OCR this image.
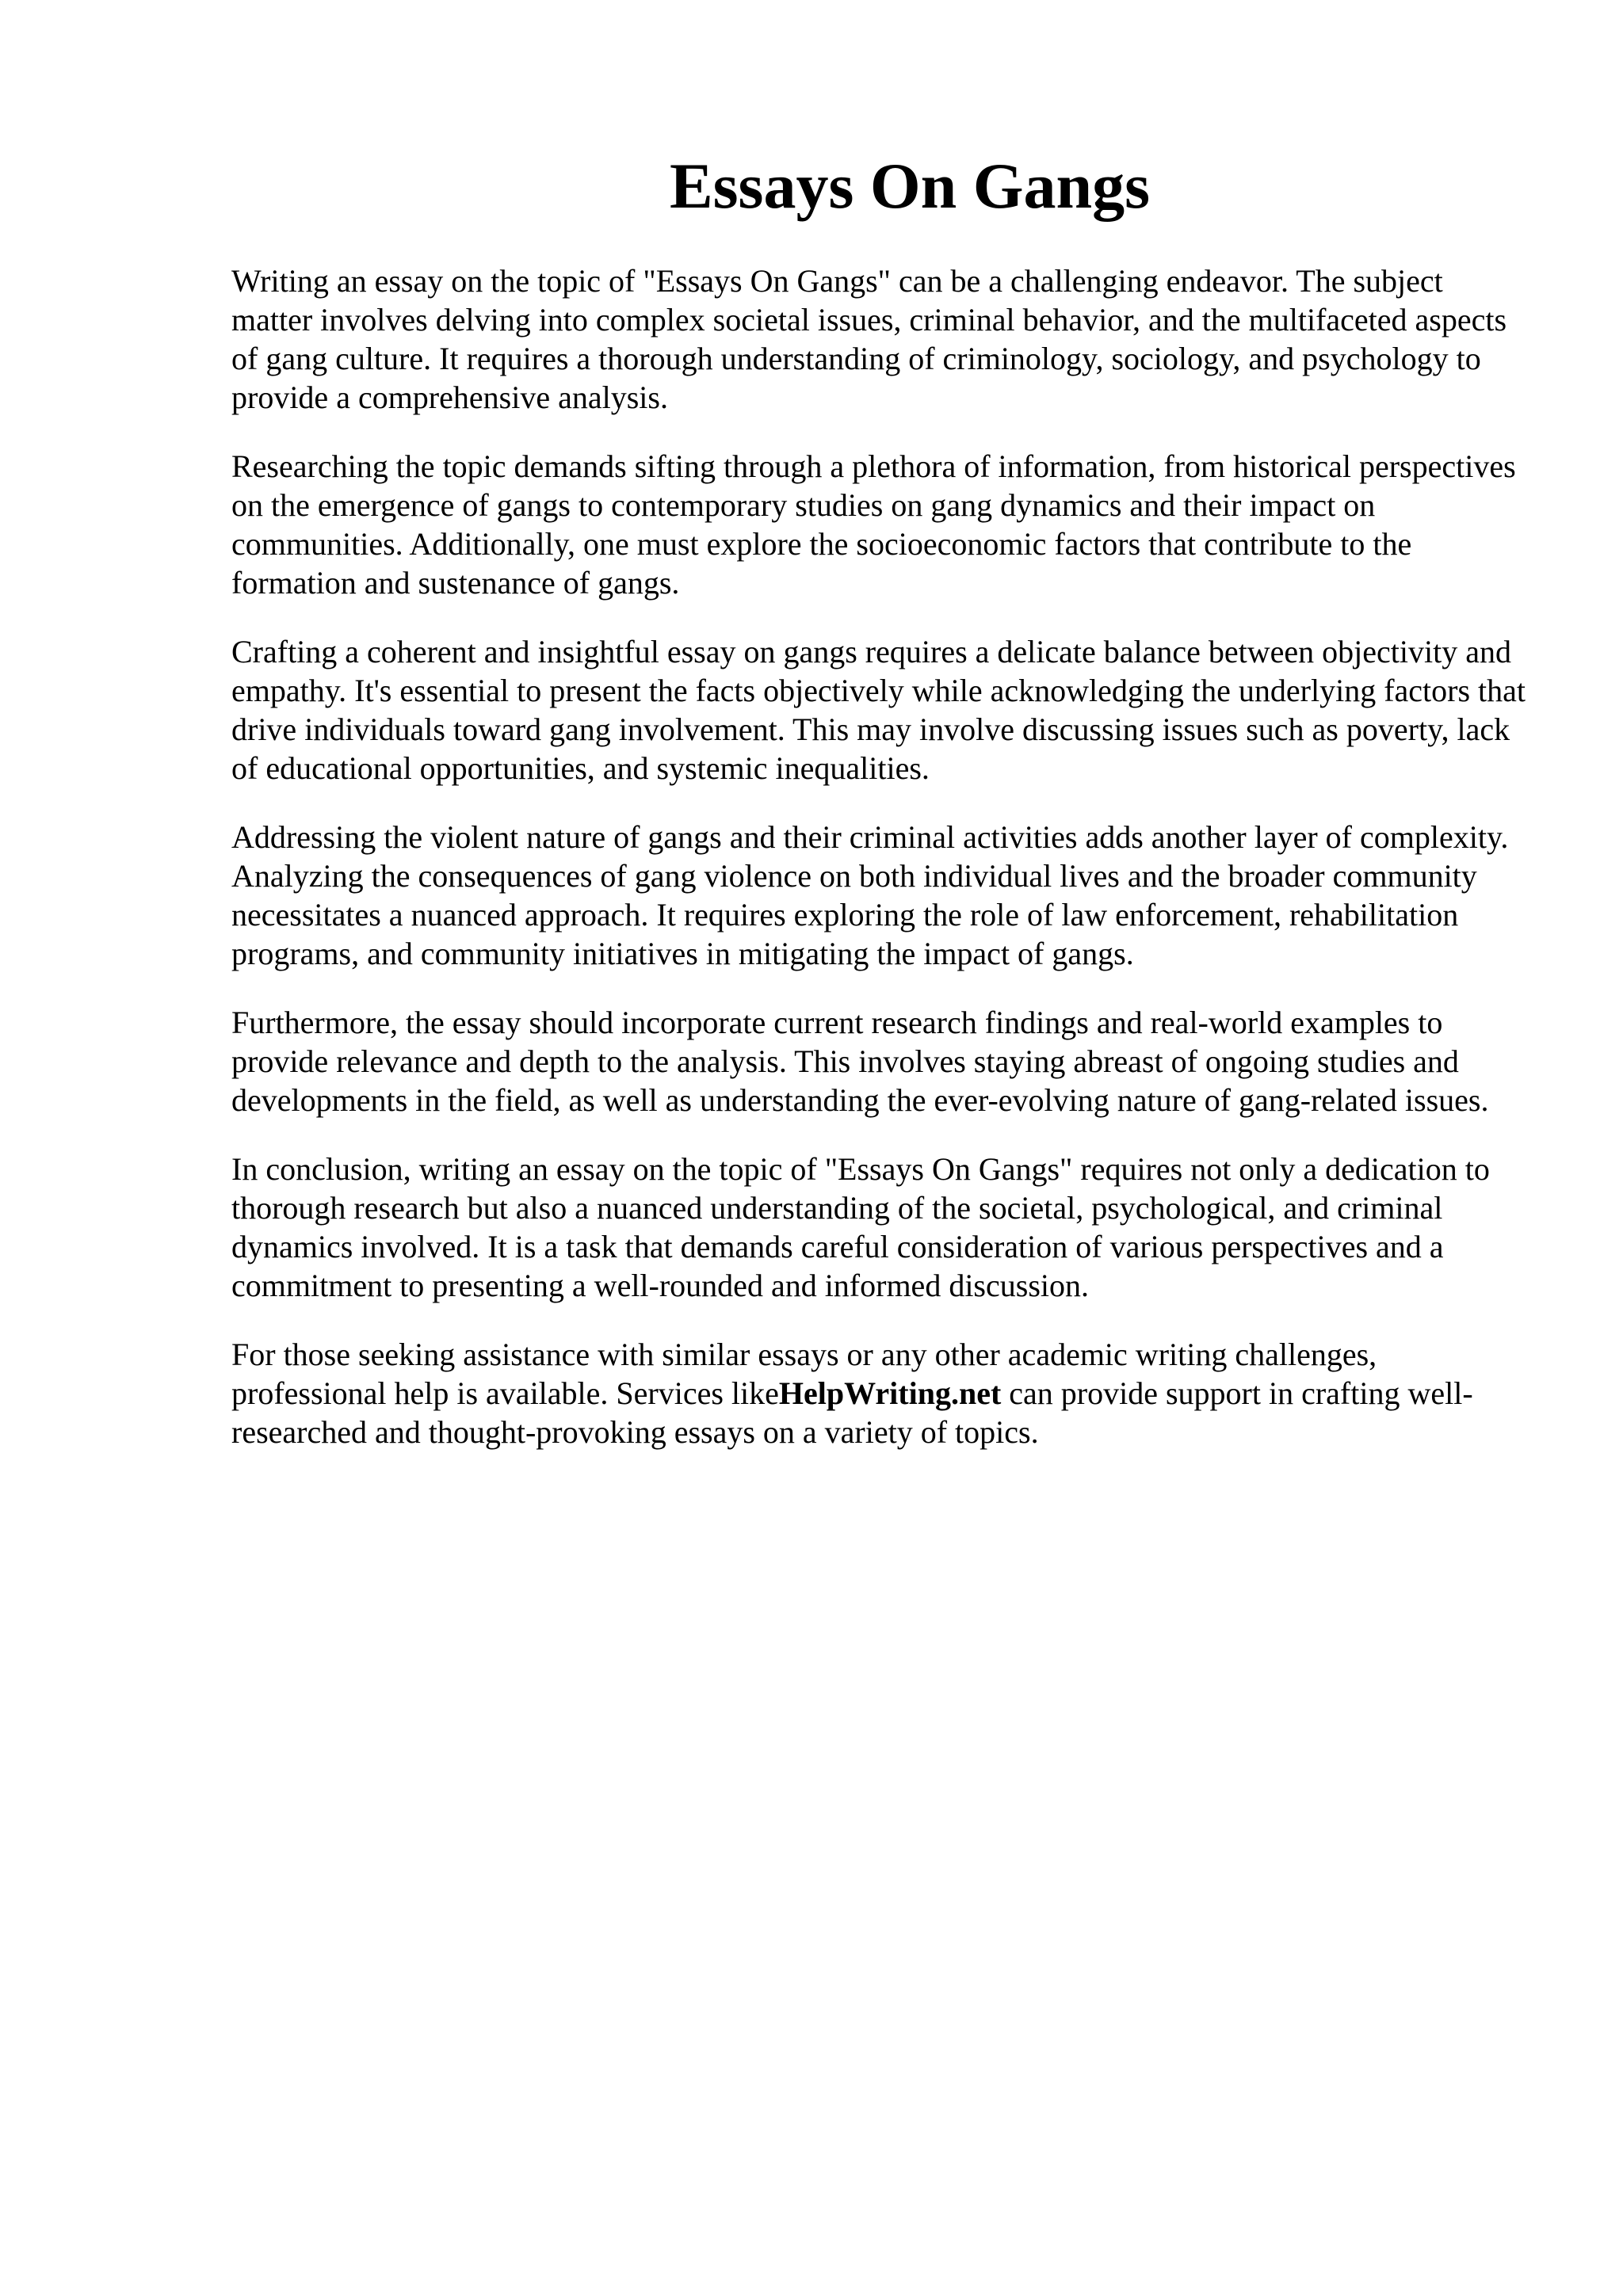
Essays On Gangs

Writing an essay on the topic of "Essays On Gangs" can be a challenging endeavor. The subject matter involves delving into complex societal issues, criminal behavior, and the multifaceted aspects of gang culture. It requires a thorough understanding of criminology, sociology, and psychology to provide a comprehensive analysis.

Researching the topic demands sifting through a plethora of information, from historical perspectives on the emergence of gangs to contemporary studies on gang dynamics and their impact on communities. Additionally, one must explore the socioeconomic factors that contribute to the formation and sustenance of gangs.

Crafting a coherent and insightful essay on gangs requires a delicate balance between objectivity and empathy. It's essential to present the facts objectively while acknowledging the underlying factors that drive individuals toward gang involvement. This may involve discussing issues such as poverty, lack of educational opportunities, and systemic inequalities.

Addressing the violent nature of gangs and their criminal activities adds another layer of complexity. Analyzing the consequences of gang violence on both individual lives and the broader community necessitates a nuanced approach. It requires exploring the role of law enforcement, rehabilitation programs, and community initiatives in mitigating the impact of gangs.

Furthermore, the essay should incorporate current research findings and real-world examples to provide relevance and depth to the analysis. This involves staying abreast of ongoing studies and developments in the field, as well as understanding the ever-evolving nature of gang-related issues.

In conclusion, writing an essay on the topic of "Essays On Gangs" requires not only a dedication to thorough research but also a nuanced understanding of the societal, psychological, and criminal dynamics involved. It is a task that demands careful consideration of various perspectives and a commitment to presenting a well-rounded and informed discussion.

For those seeking assistance with similar essays or any other academic writing challenges, professional help is available. Services likeHelpWriting.net can provide support in crafting well-researched and thought-provoking essays on a variety of topics.
